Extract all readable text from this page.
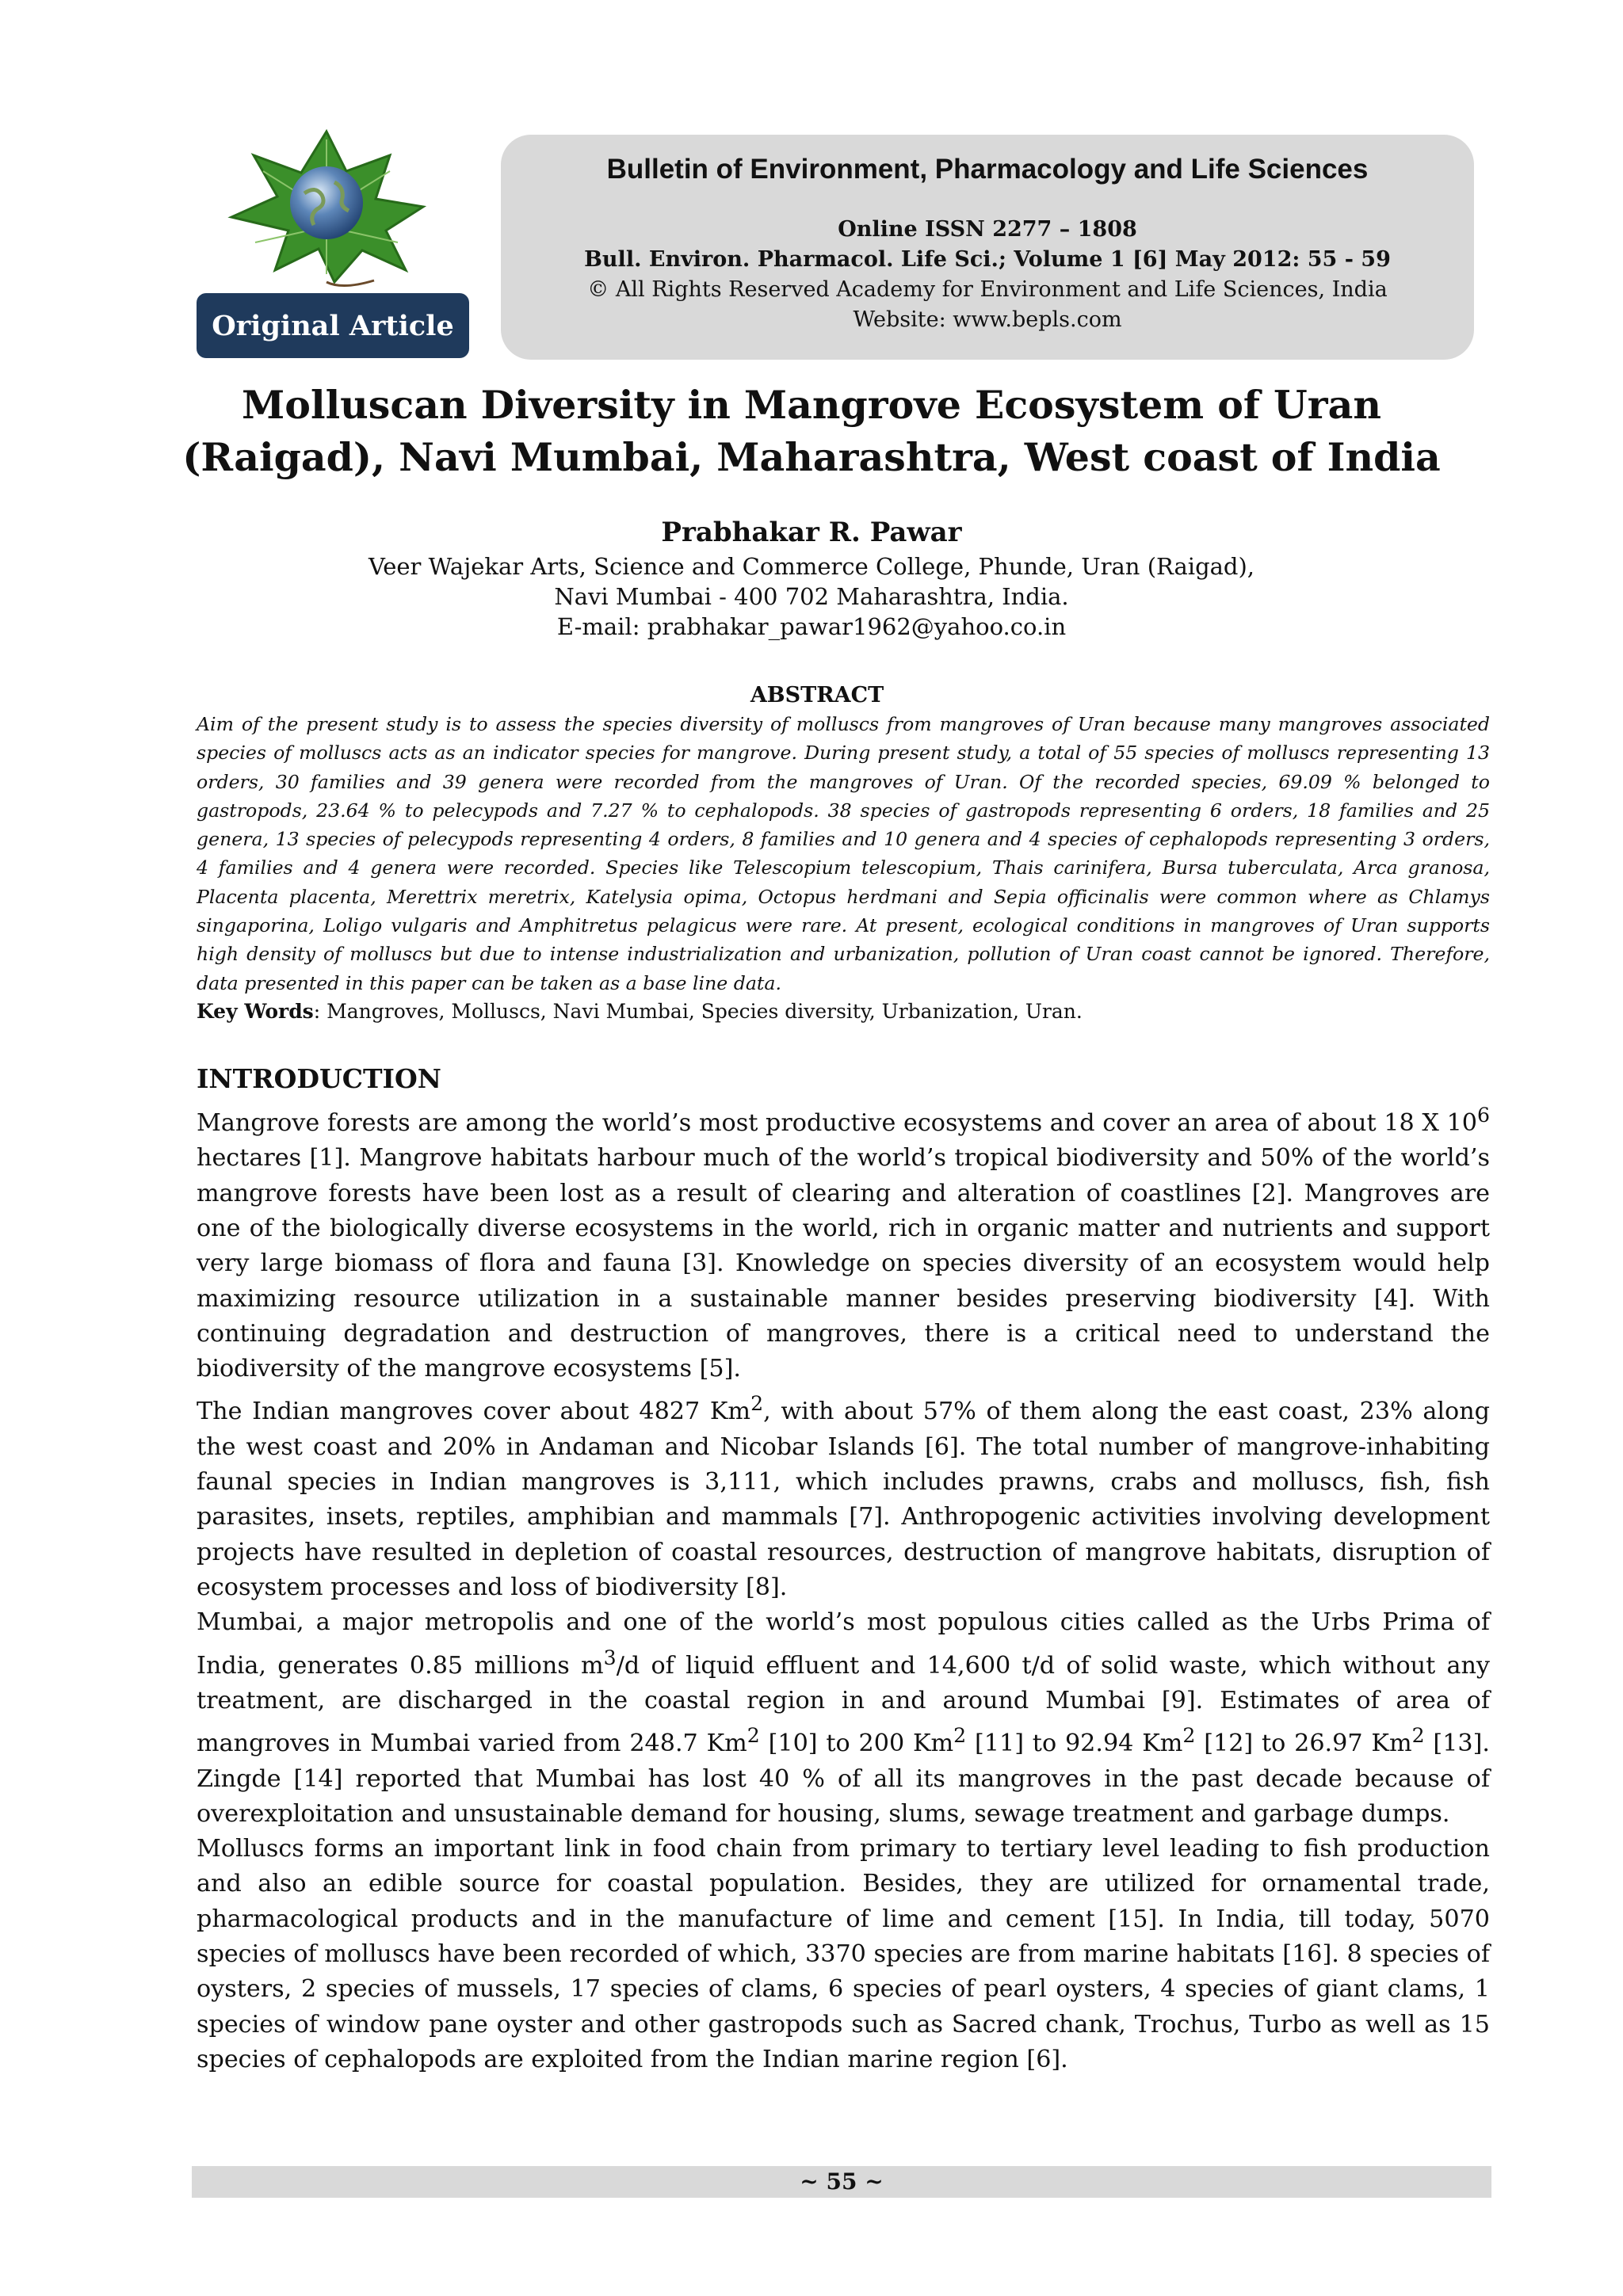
Original Article
Bulletin of Environment, Pharmacology and Life Sciences
Online ISSN 2277 – 1808
Bull. Environ. Pharmacol. Life Sci.; Volume 1 [6] May 2012: 55 - 59
© All Rights Reserved Academy for Environment and Life Sciences, India
Website: www.bepls.com
Molluscan Diversity in Mangrove Ecosystem of Uran (Raigad), Navi Mumbai, Maharashtra, West coast of India
Prabhakar R. Pawar
Veer Wajekar Arts, Science and Commerce College, Phunde, Uran (Raigad),
Navi Mumbai - 400 702 Maharashtra, India.
E-mail: prabhakar_pawar1962@yahoo.co.in
ABSTRACT
Aim of the present study is to assess the species diversity of molluscs from mangroves of Uran because many mangroves associated species of molluscs acts as an indicator species for mangrove. During present study, a total of 55 species of molluscs representing 13 orders, 30 families and 39 genera were recorded from the mangroves of Uran. Of the recorded species, 69.09 % belonged to gastropods, 23.64 % to pelecypods and 7.27 % to cephalopods. 38 species of gastropods representing 6 orders, 18 families and 25 genera, 13 species of pelecypods representing 4 orders, 8 families and 10 genera and 4 species of cephalopods representing 3 orders, 4 families and 4 genera were recorded. Species like Telescopium telescopium, Thais carinifera, Bursa tuberculata, Arca granosa, Placenta placenta, Merettrix meretrix, Katelysia opima, Octopus herdmani and Sepia officinalis were common where as Chlamys singaporina, Loligo vulgaris and Amphitretus pelagicus were rare. At present, ecological conditions in mangroves of Uran supports high density of molluscs but due to intense industrialization and urbanization, pollution of Uran coast cannot be ignored. Therefore, data presented in this paper can be taken as a base line data.
Key Words: Mangroves, Molluscs, Navi Mumbai, Species diversity, Urbanization, Uran.
INTRODUCTION

Mangrove forests are among the world’s most productive ecosystems and cover an area of about 18 X $10^6$ hectares [1]. Mangrove habitats harbour much of the world’s tropical biodiversity and 50% of the world’s mangrove forests have been lost as a result of clearing and alteration of coastlines [2]. Mangroves are one of the biologically diverse ecosystems in the world, rich in organic matter and nutrients and support very large biomass of flora and fauna [3]. Knowledge on species diversity of an ecosystem would help maximizing resource utilization in a sustainable manner besides preserving biodiversity [4]. With continuing degradation and destruction of mangroves, there is a critical need to understand the biodiversity of the mangrove ecosystems [5].

The Indian mangroves cover about 4827 Km$^2$, with about 57% of them along the east coast, 23% along the west coast and 20% in Andaman and Nicobar Islands [6]. The total number of mangrove-inhabiting faunal species in Indian mangroves is 3,111, which includes prawns, crabs and molluscs, fish, fish parasites, insets, reptiles, amphibian and mammals [7]. Anthropogenic activities involving development projects have resulted in depletion of coastal resources, destruction of mangrove habitats, disruption of ecosystem processes and loss of biodiversity [8].

Mumbai, a major metropolis and one of the world’s most populous cities called as the Urbs Prima of India, generates 0.85 millions $m^3/d$ of liquid effluent and 14,600 t/d of solid waste, which without any treatment, are discharged in the coastal region in and around Mumbai [9]. Estimates of area of mangroves in Mumbai varied from 248.7 Km$^2$ [10] to 200 Km$^2$ [11] to 92.94 Km$^2$ [12] to 26.97 Km$^2$ [13]. Zingde [14] reported that Mumbai has lost 40 % of all its mangroves in the past decade because of overexploitation and unsustainable demand for housing, slums, sewage treatment and garbage dumps.

Molluscs forms an important link in food chain from primary to tertiary level leading to fish production and also an edible source for coastal population. Besides, they are utilized for ornamental trade, pharmacological products and in the manufacture of lime and cement [15]. In India, till today, 5070 species of molluscs have been recorded of which, 3370 species are from marine habitats [16]. 8 species of oysters, 2 species of mussels, 17 species of clams, 6 species of pearl oysters, 4 species of giant clams, 1 species of window pane oyster and other gastropods such as Sacred chank, Trochus, Turbo as well as 15 species of cephalopods are exploited from the Indian marine region [6].

~ 55 ~
